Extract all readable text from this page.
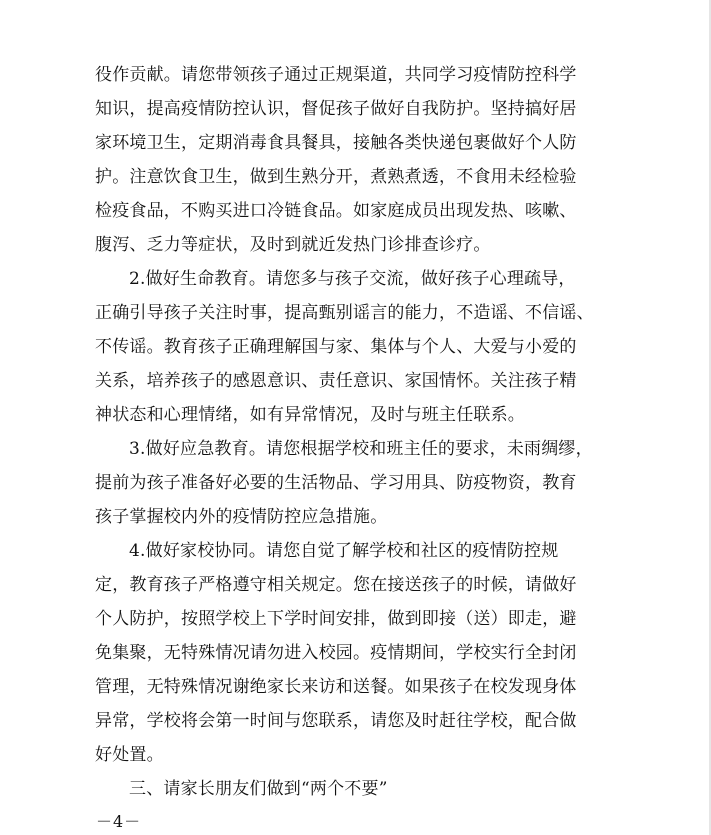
役作贡献。请您带领孩子通过正规渠道，共同学习疫情防控科学

知识，提高疫情防控认识，督促孩子做好自我防护。坚持搞好居

家环境卫生，定期消毒食具餐具，接触各类快递包裹做好个人防

护。注意饮食卫生，做到生熟分开，煮熟煮透，不食用未经检验

检疫食品，不购买进口冷链食品。如家庭成员出现发热、咳嗽、

腹泻、乏力等症状，及时到就近发热门诊排查诊疗。

2.做好生命教育。请您多与孩子交流，做好孩子心理疏导，

正确引导孩子关注时事，提高甄别谣言的能力，不造谣、不信谣、

不传谣。教育孩子正确理解国与家、集体与个人、大爱与小爱的

关系，培养孩子的感恩意识、责任意识、家国情怀。关注孩子精

神状态和心理情绪，如有异常情况，及时与班主任联系。

3.做好应急教育。请您根据学校和班主任的要求，未雨绸缪，

提前为孩子准备好必要的生活物品、学习用具、防疫物资，教育

孩子掌握校内外的疫情防控应急措施。

4.做好家校协同。请您自觉了解学校和社区的疫情防控规

定，教育孩子严格遵守相关规定。您在接送孩子的时候，请做好

个人防护，按照学校上下学时间安排，做到即接（送）即走，避

免集聚，无特殊情况请勿进入校园。疫情期间，学校实行全封闭

管理，无特殊情况谢绝家长来访和送餐。如果孩子在校发现身体

异常，学校将会第一时间与您联系，请您及时赶往学校，配合做

好处置。

三、请家长朋友们做到“两个不要”

－4－
